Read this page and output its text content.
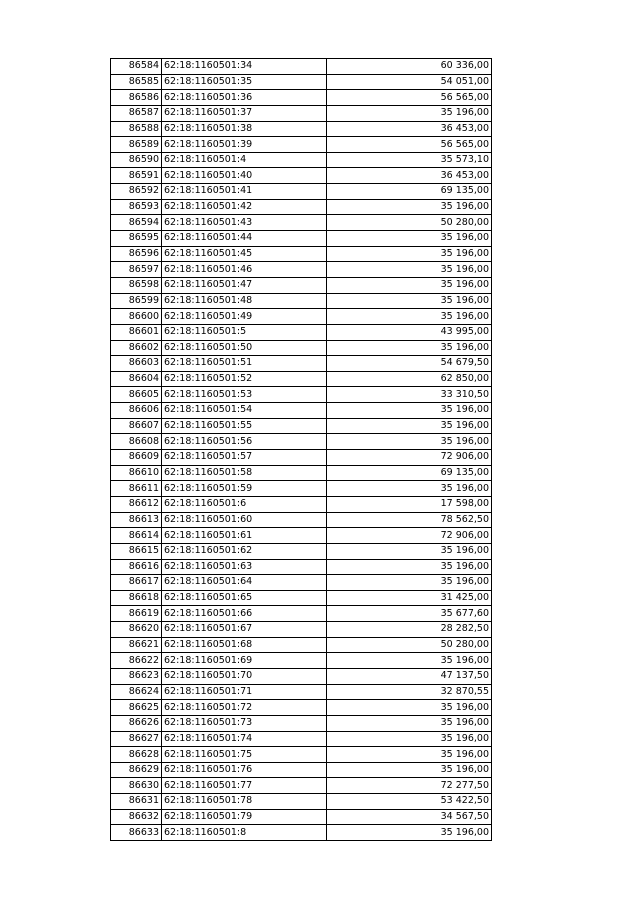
86584	62:18:1160501:34	60 336,00
86585	62:18:1160501:35	54 051,00
86586	62:18:1160501:36	56 565,00
86587	62:18:1160501:37	35 196,00
86588	62:18:1160501:38	36 453,00
86589	62:18:1160501:39	56 565,00
86590	62:18:1160501:4	35 573,10
86591	62:18:1160501:40	36 453,00
86592	62:18:1160501:41	69 135,00
86593	62:18:1160501:42	35 196,00
86594	62:18:1160501:43	50 280,00
86595	62:18:1160501:44	35 196,00
86596	62:18:1160501:45	35 196,00
86597	62:18:1160501:46	35 196,00
86598	62:18:1160501:47	35 196,00
86599	62:18:1160501:48	35 196,00
86600	62:18:1160501:49	35 196,00
86601	62:18:1160501:5	43 995,00
86602	62:18:1160501:50	35 196,00
86603	62:18:1160501:51	54 679,50
86604	62:18:1160501:52	62 850,00
86605	62:18:1160501:53	33 310,50
86606	62:18:1160501:54	35 196,00
86607	62:18:1160501:55	35 196,00
86608	62:18:1160501:56	35 196,00
86609	62:18:1160501:57	72 906,00
86610	62:18:1160501:58	69 135,00
86611	62:18:1160501:59	35 196,00
86612	62:18:1160501:6	17 598,00
86613	62:18:1160501:60	78 562,50
86614	62:18:1160501:61	72 906,00
86615	62:18:1160501:62	35 196,00
86616	62:18:1160501:63	35 196,00
86617	62:18:1160501:64	35 196,00
86618	62:18:1160501:65	31 425,00
86619	62:18:1160501:66	35 677,60
86620	62:18:1160501:67	28 282,50
86621	62:18:1160501:68	50 280,00
86622	62:18:1160501:69	35 196,00
86623	62:18:1160501:70	47 137,50
86624	62:18:1160501:71	32 870,55
86625	62:18:1160501:72	35 196,00
86626	62:18:1160501:73	35 196,00
86627	62:18:1160501:74	35 196,00
86628	62:18:1160501:75	35 196,00
86629	62:18:1160501:76	35 196,00
86630	62:18:1160501:77	72 277,50
86631	62:18:1160501:78	53 422,50
86632	62:18:1160501:79	34 567,50
86633	62:18:1160501:8	35 196,00
